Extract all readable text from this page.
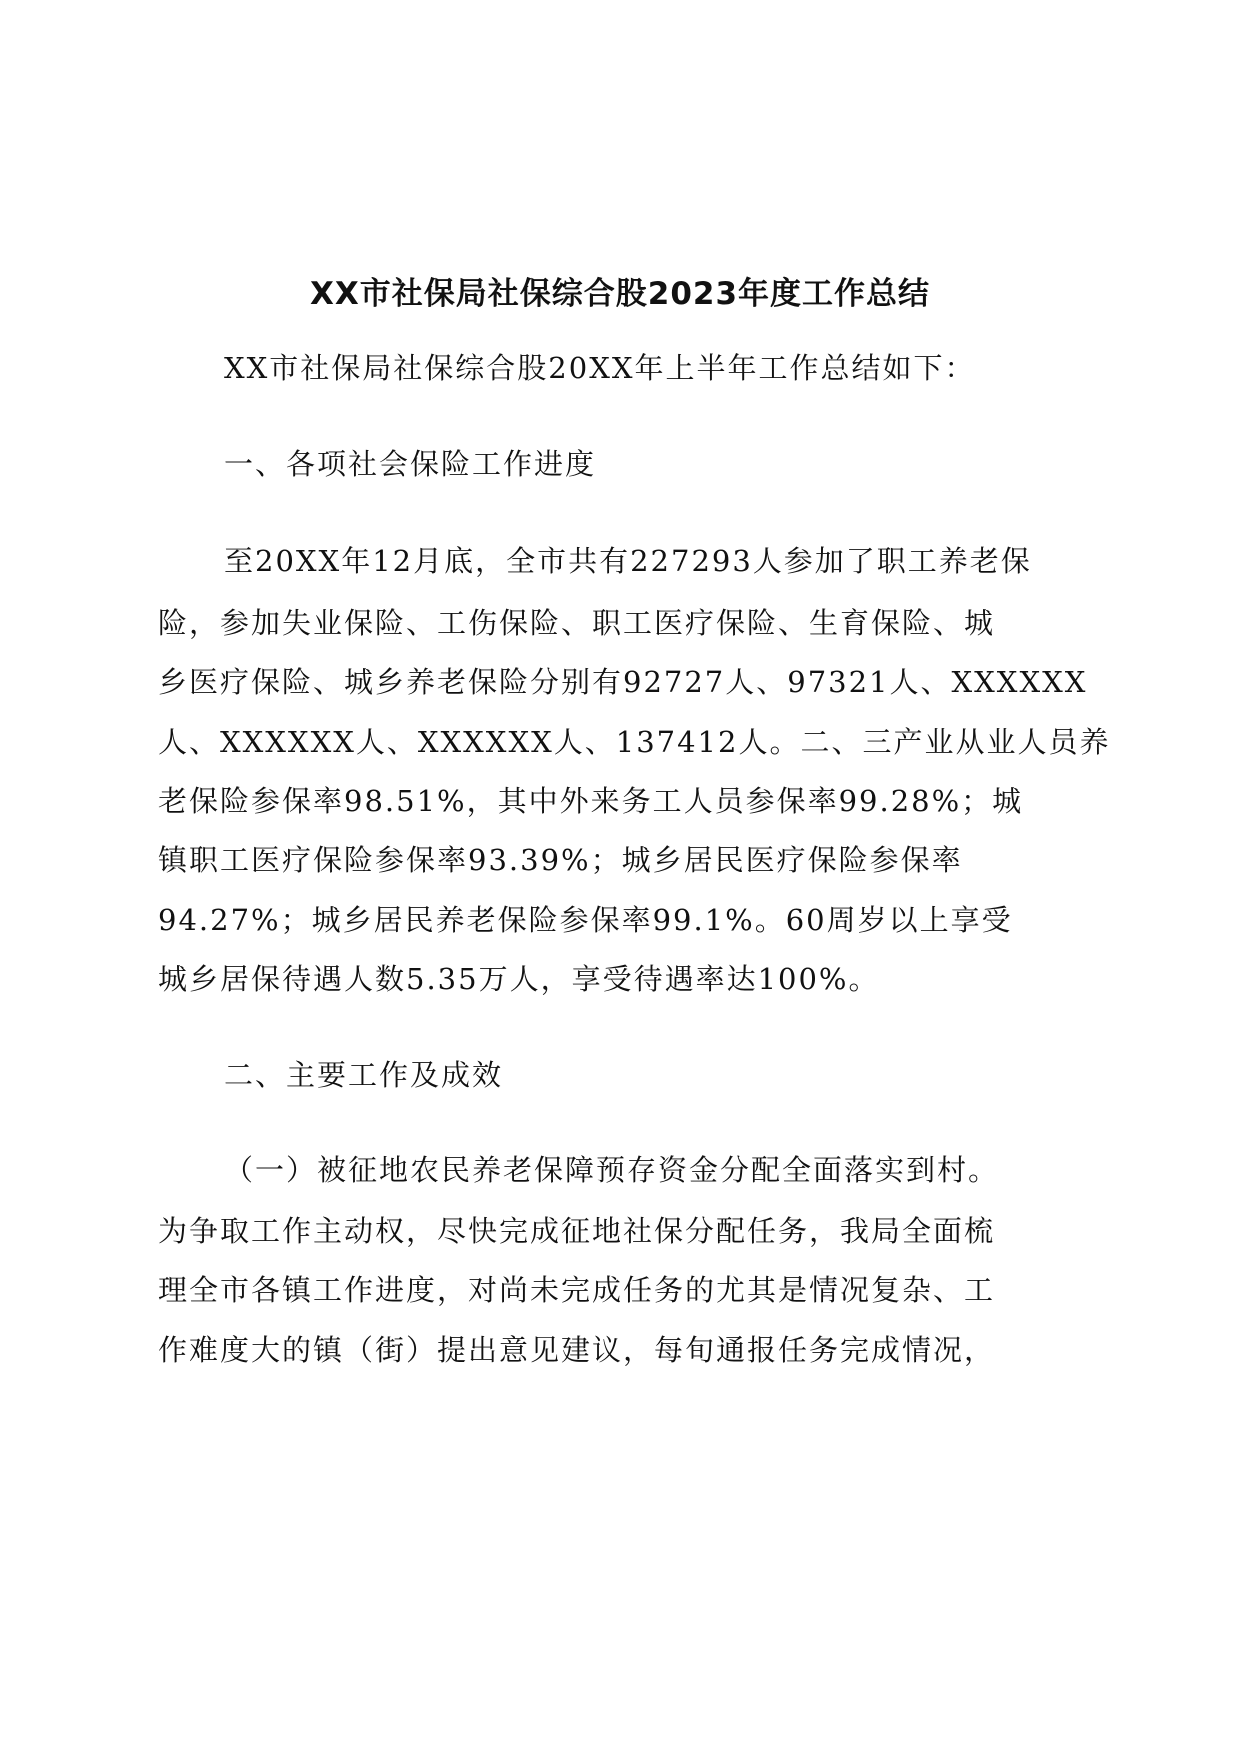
XX市社保局社保综合股2023年度工作总结
XX市社保局社保综合股20XX年上半年工作总结如下：
一、各项社会保险工作进度
至20XX年12月底，全市共有227293人参加了职工养老保
险，参加失业保险、工伤保险、职工医疗保险、生育保险、城
乡医疗保险、城乡养老保险分别有92727人、97321人、XXXXXX
人、XXXXXX人、XXXXXX人、137412人。二、三产业从业人员养
老保险参保率98.51%，其中外来务工人员参保率99.28%；城
镇职工医疗保险参保率93.39%；城乡居民医疗保险参保率
94.27%；城乡居民养老保险参保率99.1%。60周岁以上享受
城乡居保待遇人数5.35万人，享受待遇率达100%。
二、主要工作及成效
（一）被征地农民养老保障预存资金分配全面落实到村。
为争取工作主动权，尽快完成征地社保分配任务，我局全面梳
理全市各镇工作进度，对尚未完成任务的尤其是情况复杂、工
作难度大的镇（街）提出意见建议，每旬通报任务完成情况，
